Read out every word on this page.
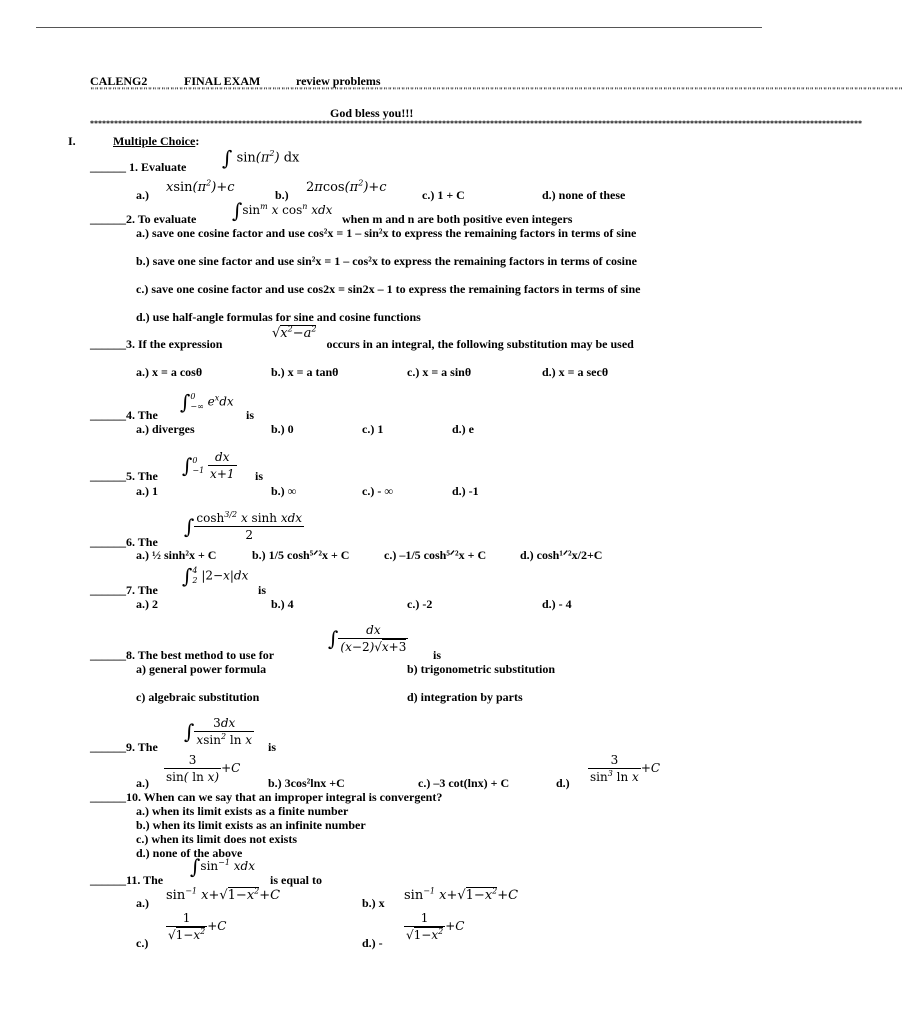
CALENG2	FINAL EXAM	review problems
"""""""""""""""""""""""""""""""""""""""""""""""""""""""""""""""""""""""""""""""""""""""""""""""""""""""""""""""""""""""""""""""""""""""""""""""""""""""""""""""""""""""""""""""""""""""
God bless you!!!
*************************************************************************************************************************************************************************************************
I.	Multiple Choice:
______ 1. Evaluate ∫ $\sin(\pi^2)$ dx
a.) $xsin(\pi^2)+c$	b.) $2\pi\cos(\pi^2)+c$	c.) 1 + C	d.) none of these
______2. To evaluate $\int\sin^m$ x $\cos^n$ xdx
when m and n are both positive even integers
a.) save one cosine factor and use cos²x = 1 – sin²x to express the remaining factors in terms of sine
b.) save one sine factor and use sin²x = 1 – cos²x to express the remaining factors in terms of cosine
c.) save one cosine factor and use cos2x = sin2x – 1 to express the remaining factors in terms of sine
d.) use half-angle formulas for sine and cosine functions
______3. If the expression	occurs in an integral, the following substitution may be used
$√x^2-a^2$
a.) x = a cosθ	b.) x = a tanθ	c.) x = a sinθ	d.) x = a secθ
______4. The
∫ 0
−∞ $e^xdx$
is
a.) diverges	b.) 0	c.) 1	d.) e
______5. The ∫ 0
−1
$\frac{dx}{x+1}$ is
a.) 1	b.) ∞	c.) - ∞	d.) -1
______6. The
∫ $\frac{\cosh^{3/2} x \sinh xdx}{2}$
a.) ½ sinh²x + C	b.) 1/5 cosh⁵ᐟ²x + C	c.) –1/5 cosh⁵ᐟ²x + C	d.) cosh¹ᐟ²x/2+C
______7. The
∫ 4
2 |2−x|dx
is
a.) 2	b.) 4	c.) -2	d.) - 4
______8. The best method to use for
∫ $\frac{dx}{(x-2)√x+3}$ is
a) general power formula	b) trigonometric substitution
c) algebraic substitution	d) integration by parts
______9. The
∫ $\frac{3dx}{xsin^2 \ln x}$ is
$a.) \frac{3}{\text{sin( ln x)}} +C$
b.) 3cos²lnx +C	c.) –3 cot(lnx) + C	$d.) \frac{3}{\sin^3 \ln x} +C$
______10. When can we say that an improper integral is convergent?
a.) when its limit exists as a finite number
b.) when its limit exists as an infinite number
c.) when its limit does not exists
d.) none of the above
______11. The
$\int\sin^{-1}$ xdx
is equal to
a.) $\sin^{-1} x+√1-x^2+C$	b.) x $\sin^{-1} x+√1-x^2+C$
$c.) \frac{1}{√1-x^2} +C$
$d.) - \frac{1}{√1-x^2} +C$
